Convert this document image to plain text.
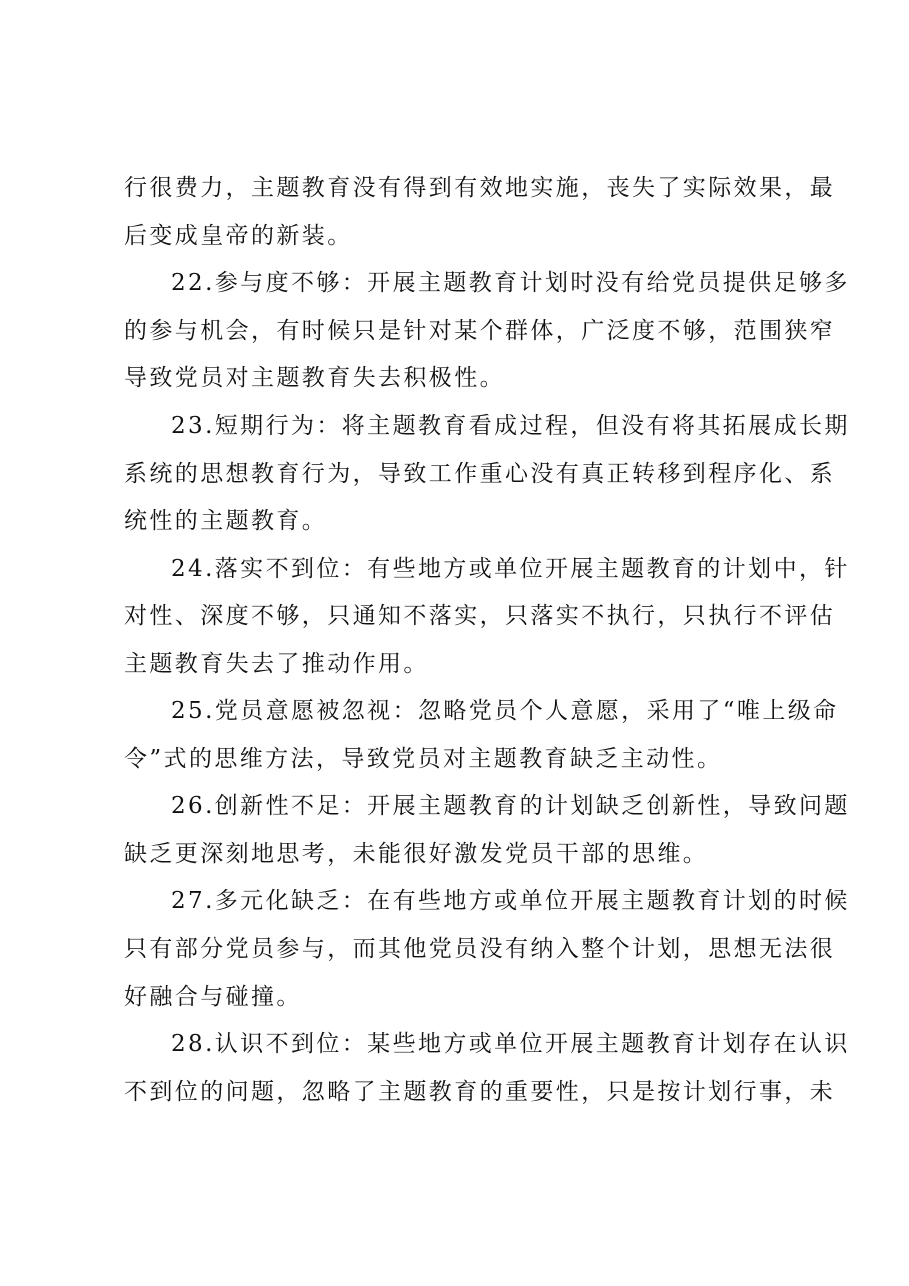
行很费力，主题教育没有得到有效地实施，丧失了实际效果，最
后变成皇帝的新装。
22.参与度不够：开展主题教育计划时没有给党员提供足够多
的参与机会，有时候只是针对某个群体，广泛度不够，范围狭窄
导致党员对主题教育失去积极性。
23.短期行为：将主题教育看成过程，但没有将其拓展成长期
系统的思想教育行为，导致工作重心没有真正转移到程序化、系
统性的主题教育。
24.落实不到位：有些地方或单位开展主题教育的计划中，针
对性、深度不够，只通知不落实，只落实不执行，只执行不评估
主题教育失去了推动作用。
25.党员意愿被忽视：忽略党员个人意愿，采用了“唯上级命
令”式的思维方法，导致党员对主题教育缺乏主动性。
26.创新性不足：开展主题教育的计划缺乏创新性，导致问题
缺乏更深刻地思考，未能很好激发党员干部的思维。
27.多元化缺乏：在有些地方或单位开展主题教育计划的时候
只有部分党员参与，而其他党员没有纳入整个计划，思想无法很
好融合与碰撞。
28.认识不到位：某些地方或单位开展主题教育计划存在认识
不到位的问题，忽略了主题教育的重要性，只是按计划行事，未
